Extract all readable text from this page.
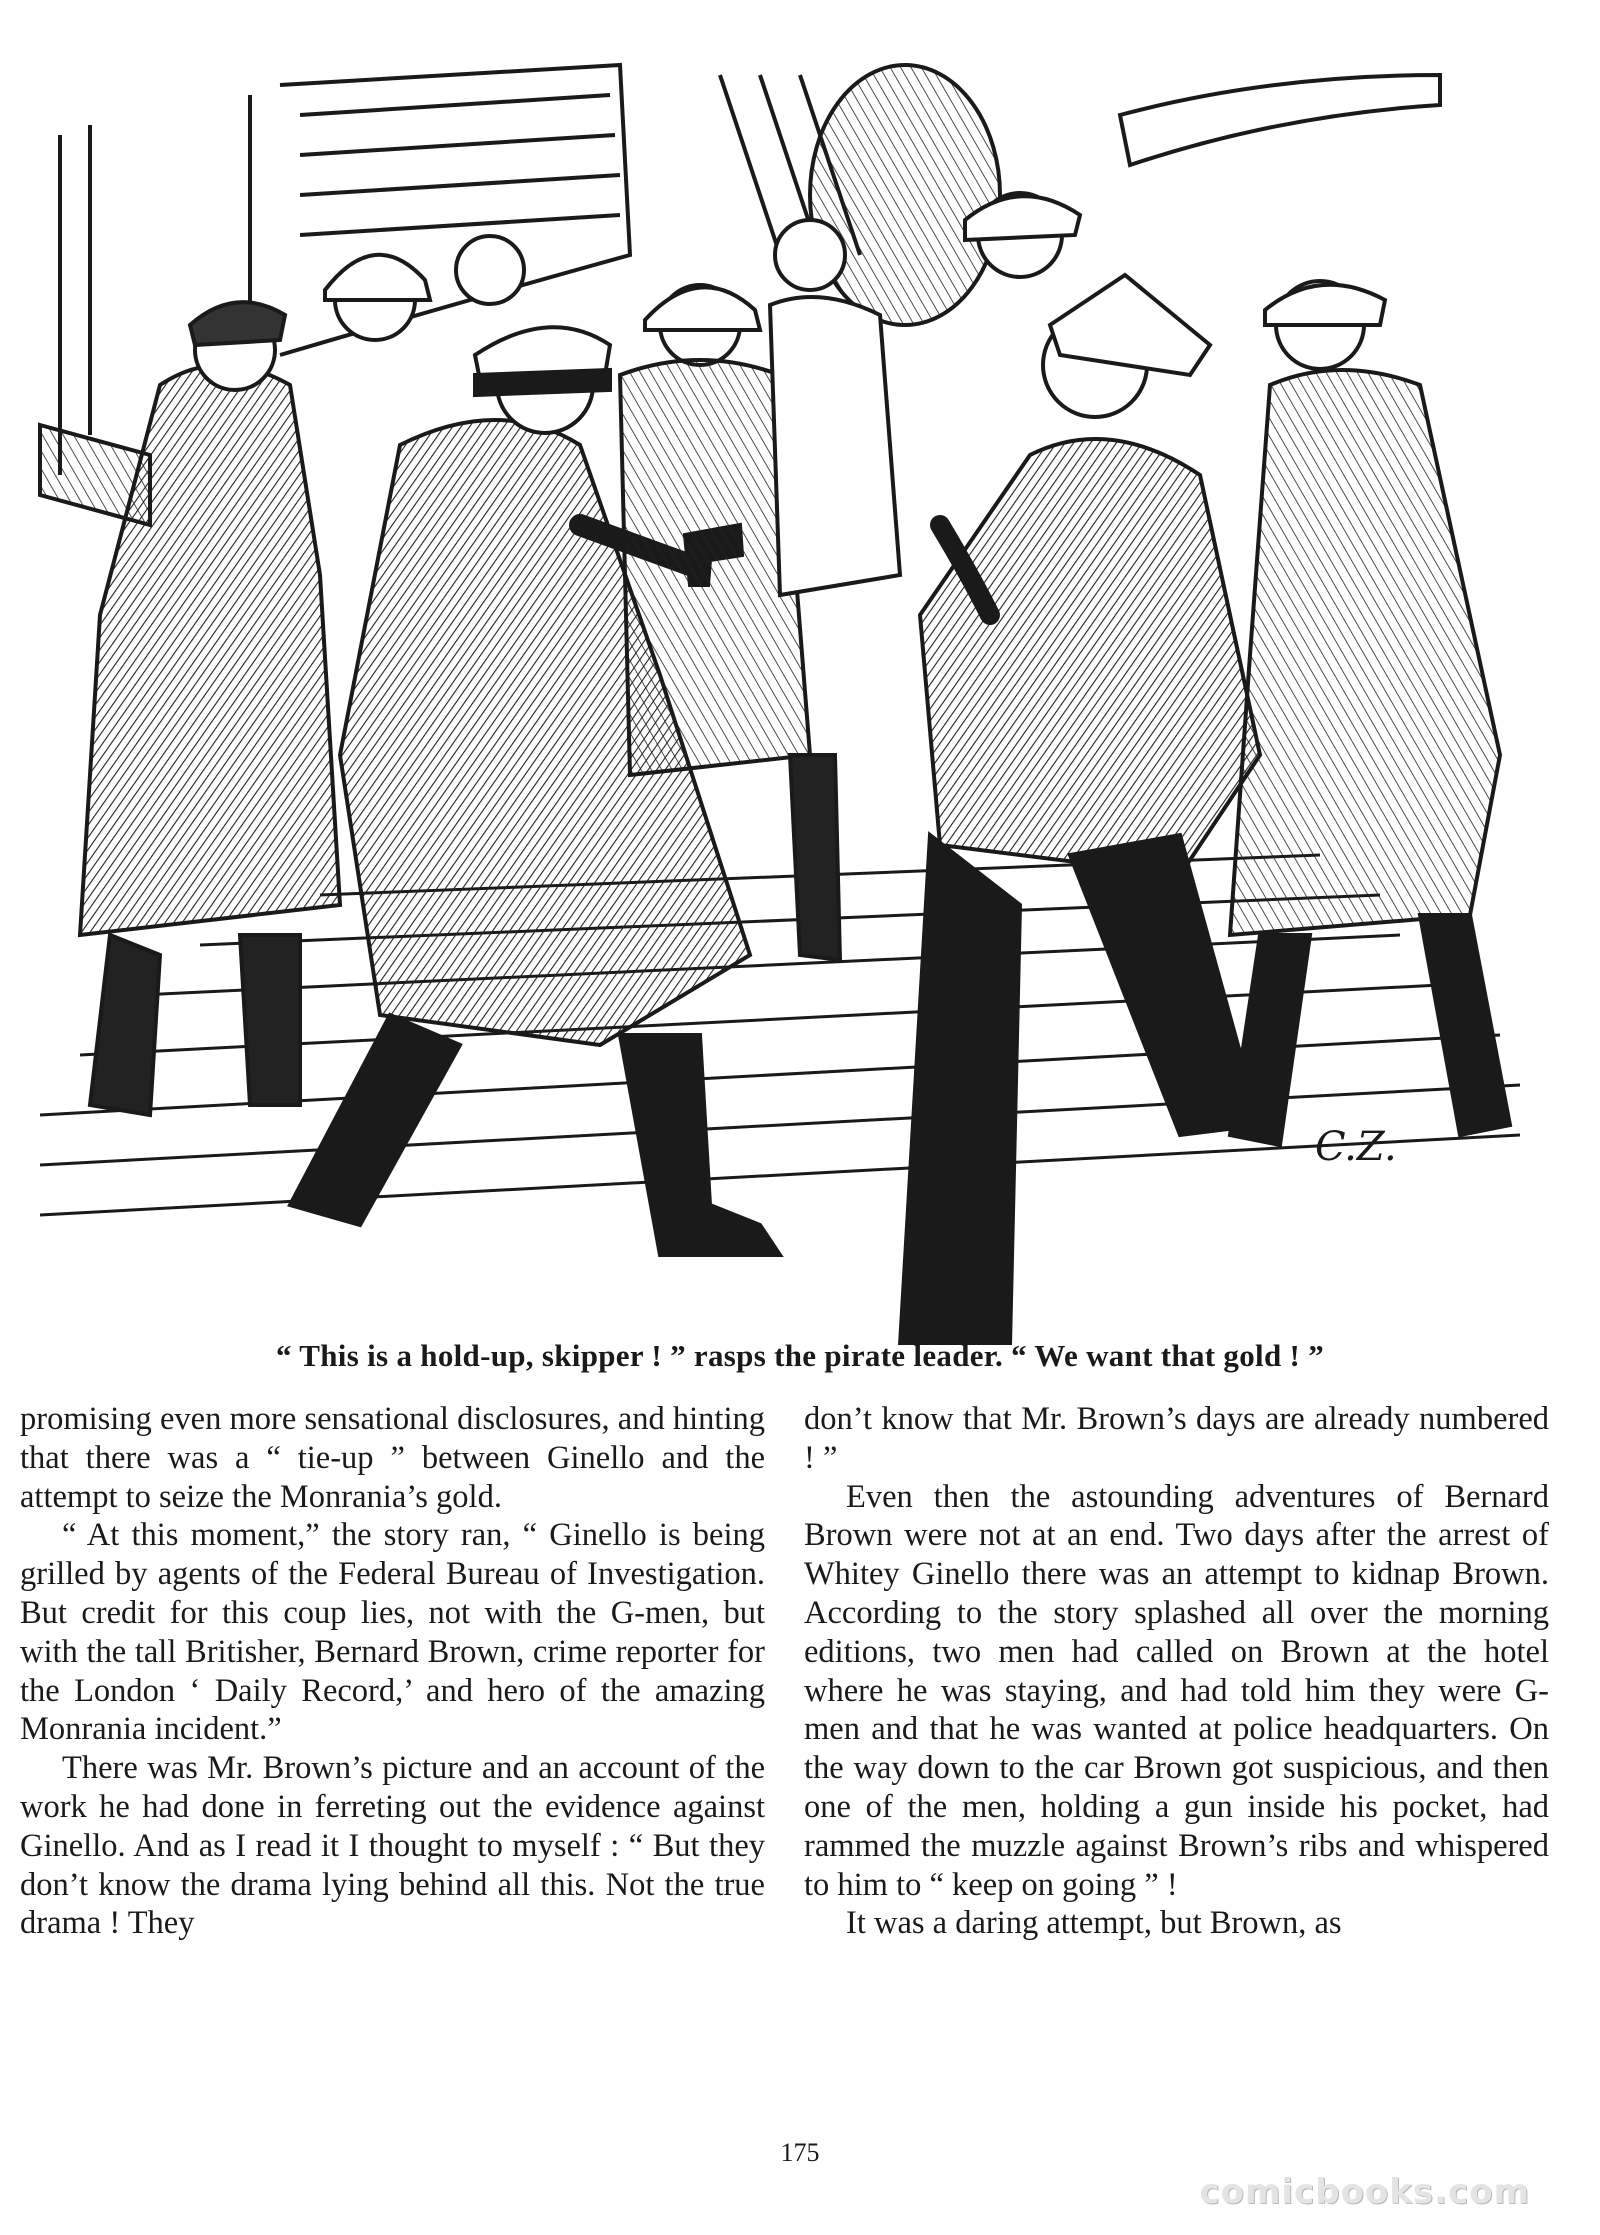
C.Z.
“ This is a hold-up, skipper ! ” rasps the pirate leader. “ We want that gold ! ”

promising even more sensational disclosures, and hinting that there was a “ tie-up ” between Ginello and the attempt to seize the Monrania’s gold.

“ At this moment,” the story ran, “ Ginello is being grilled by agents of the Federal Bureau of Investigation. But credit for this coup lies, not with the G-men, but with the tall Britisher, Bernard Brown, crime reporter for the London ‘ Daily Record,’ and hero of the amazing Monrania incident.”

There was Mr. Brown’s picture and an account of the work he had done in ferreting out the evidence against Ginello. And as I read it I thought to myself : “ But they don’t know the drama lying behind all this. Not the true drama ! They

don’t know that Mr. Brown’s days are already numbered ! ”

Even then the astounding adventures of Bernard Brown were not at an end. Two days after the arrest of Whitey Ginello there was an attempt to kidnap Brown. According to the story splashed all over the morning editions, two men had called on Brown at the hotel where he was staying, and had told him they were G-men and that he was wanted at police headquarters. On the way down to the car Brown got suspicious, and then one of the men, holding a gun inside his pocket, had rammed the muzzle against Brown’s ribs and whispered to him to “ keep on going ” !

It was a daring attempt, but Brown, as

175
comicbooks.com
